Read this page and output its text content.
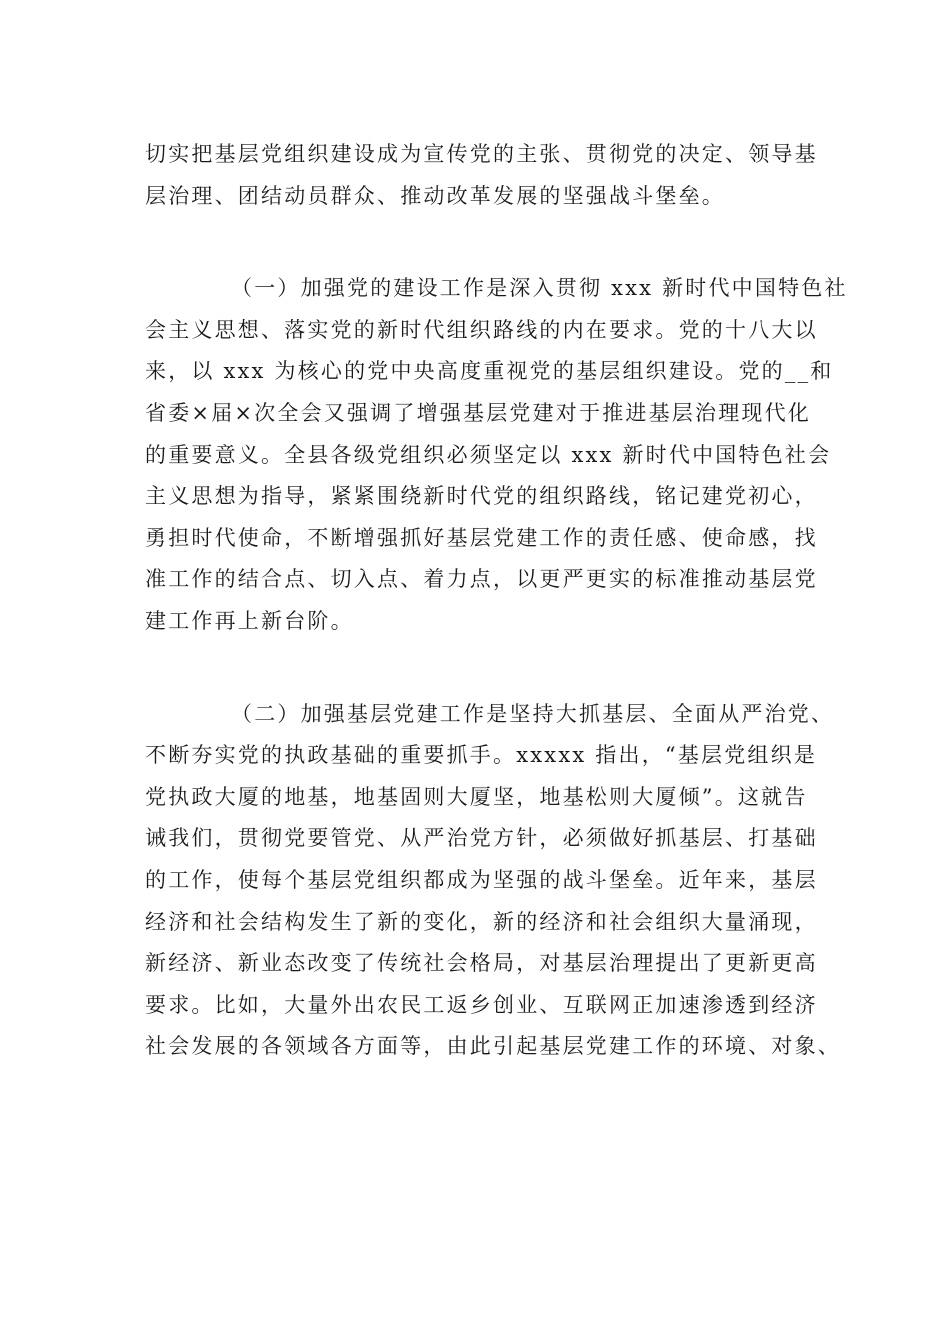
切实把基层党组织建设成为宣传党的主张、贯彻党的决定、领导基
层治理、团结动员群众、推动改革发展的坚强战斗堡垒。
（一）加强党的建设工作是深入贯彻 xxx 新时代中国特色社
会主义思想、落实党的新时代组织路线的内在要求。党的十八大以
来，以 xxx 为核心的党中央高度重视党的基层组织建设。党的__和
省委×届×次全会又强调了增强基层党建对于推进基层治理现代化
的重要意义。全县各级党组织必须坚定以 xxx 新时代中国特色社会
主义思想为指导，紧紧围绕新时代党的组织路线，铭记建党初心，
勇担时代使命，不断增强抓好基层党建工作的责任感、使命感，找
准工作的结合点、切入点、着力点，以更严更实的标准推动基层党
建工作再上新台阶。
（二）加强基层党建工作是坚持大抓基层、全面从严治党、
不断夯实党的执政基础的重要抓手。xxxxx 指出，“基层党组织是
党执政大厦的地基，地基固则大厦坚，地基松则大厦倾”。这就告
诫我们，贯彻党要管党、从严治党方针，必须做好抓基层、打基础
的工作，使每个基层党组织都成为坚强的战斗堡垒。近年来，基层
经济和社会结构发生了新的变化，新的经济和社会组织大量涌现，
新经济、新业态改变了传统社会格局，对基层治理提出了更新更高
要求。比如，大量外出农民工返乡创业、互联网正加速渗透到经济
社会发展的各领域各方面等，由此引起基层党建工作的环境、对象、
